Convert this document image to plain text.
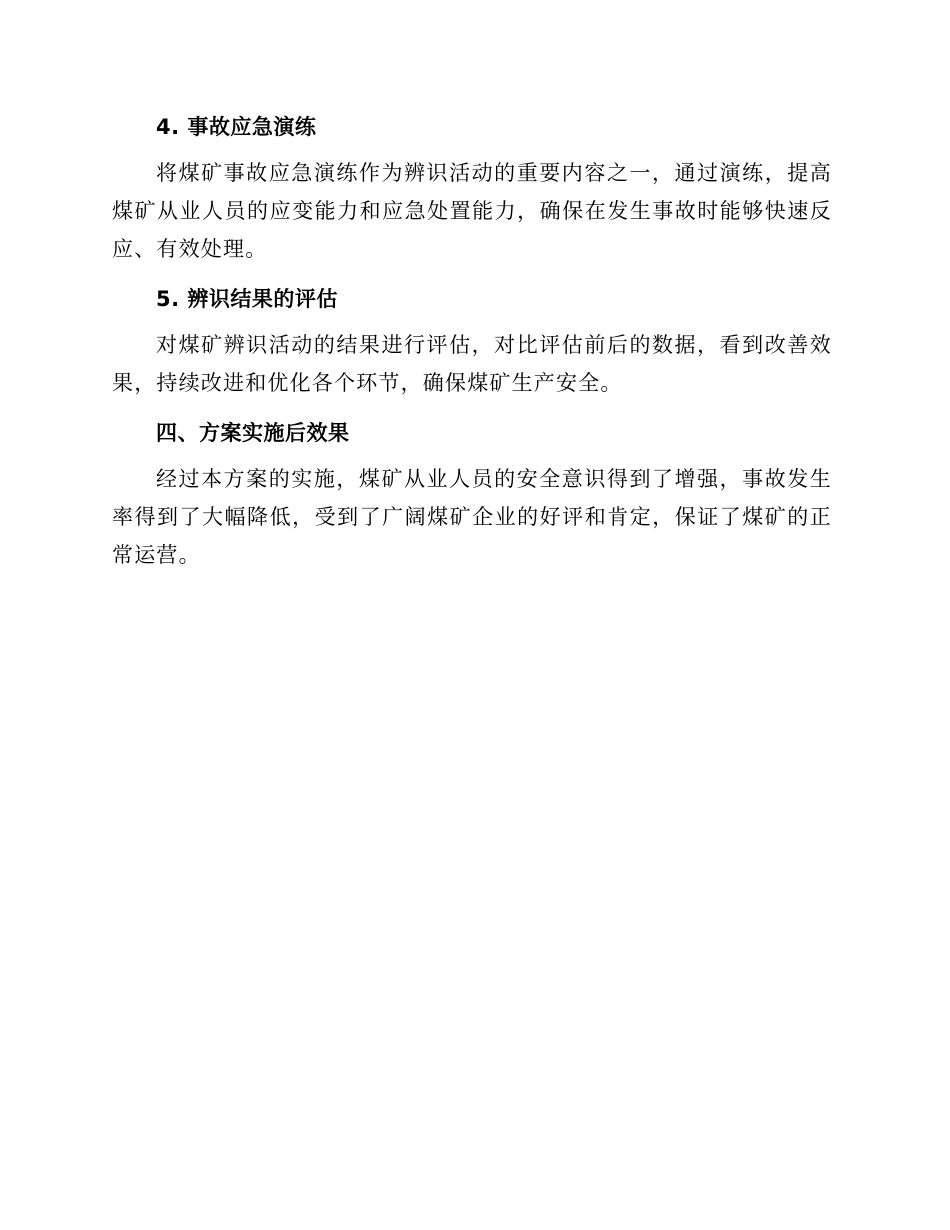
4. 事故应急演练

将煤矿事故应急演练作为辨识活动的重要内容之一，通过演练，提高煤矿从业人员的应变能力和应急处置能力，确保在发生事故时能够快速反应、有效处理。

5. 辨识结果的评估

对煤矿辨识活动的结果进行评估，对比评估前后的数据，看到改善效果，持续改进和优化各个环节，确保煤矿生产安全。

四、方案实施后效果

经过本方案的实施，煤矿从业人员的安全意识得到了增强，事故发生率得到了大幅降低，受到了广阔煤矿企业的好评和肯定，保证了煤矿的正常运营。
